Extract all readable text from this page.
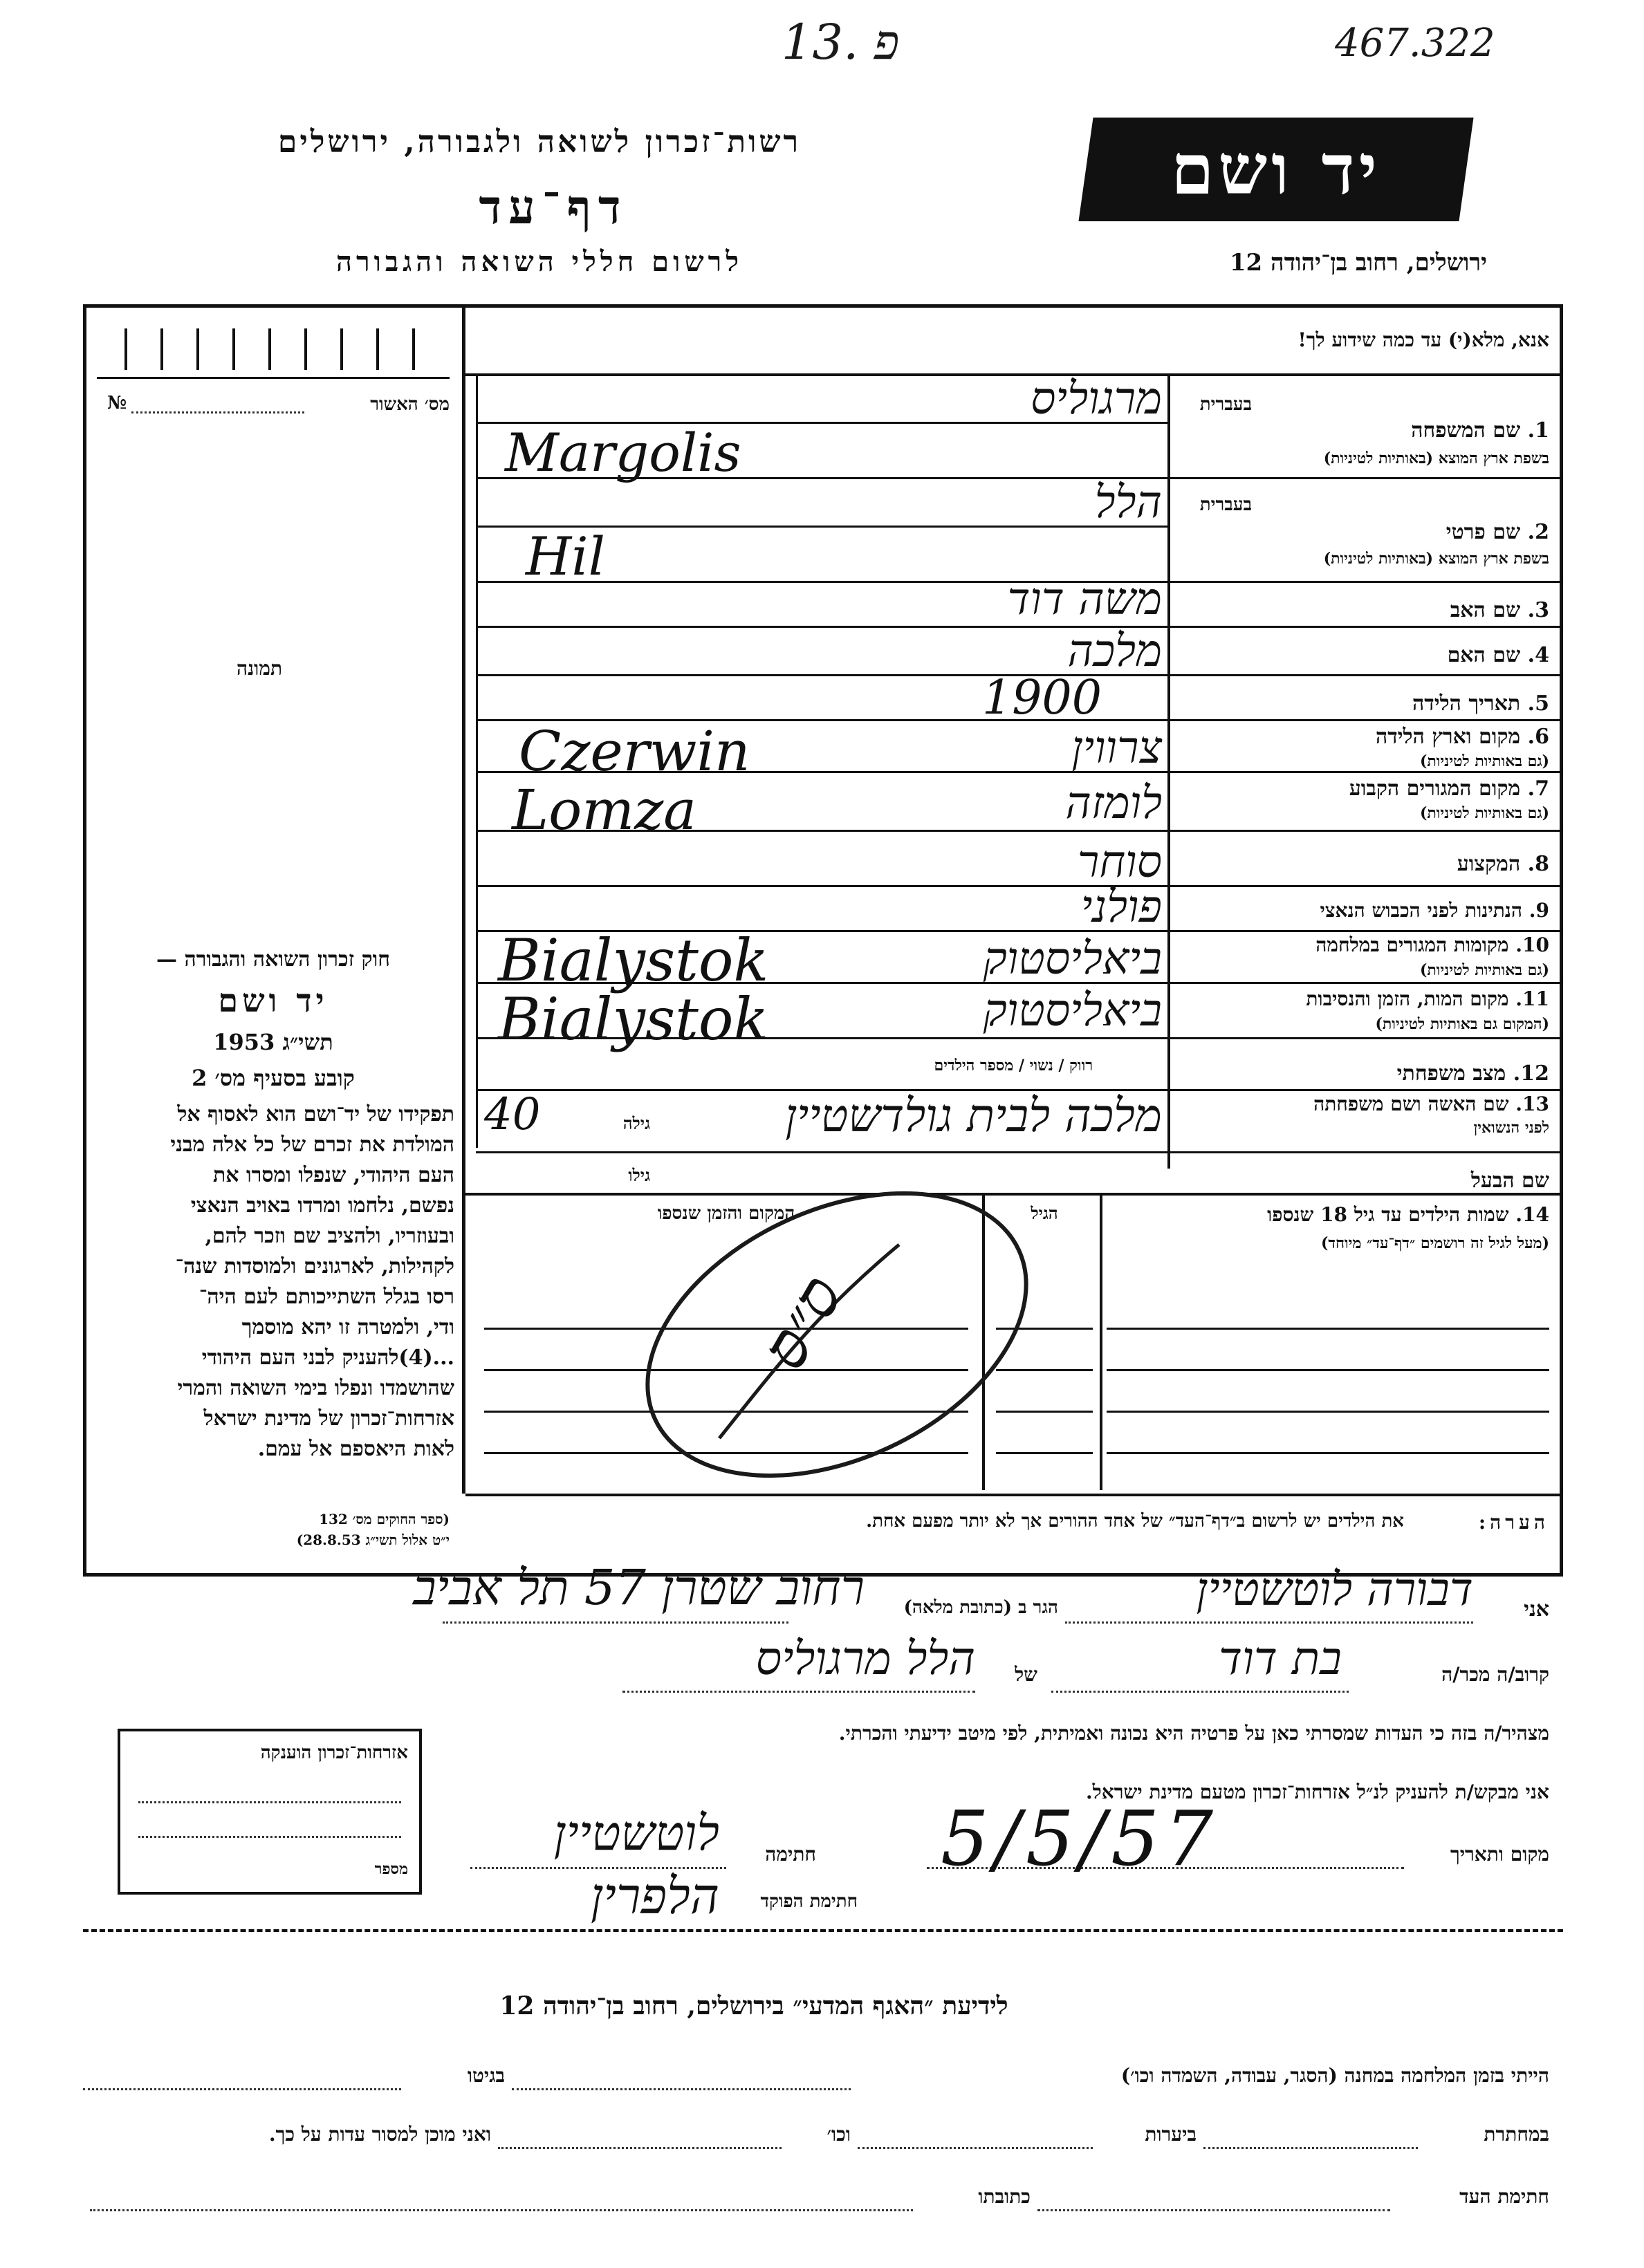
13. פ	467.322
רשות־זכרון לשואה ולגבורה, ירושלים
דף־עד
לרשום חללי השואה והגבורה
יד ושם
ירושלים, רחוב בן־יהודה 12
מס׳ האשור
№
תמונה
חוק זכרון השואה והגבורה —
יד ושם
תשי״ג 1953
קובע בסעיף מס׳ 2
תפקידו של יד־ושם הוא לאסוף אל
המולדת את זכרם של כל אלה מבני
העם היהודי, שנפלו ומסרו את
נפשם, נלחמו ומרדו באויב הנאצי
ובעוזריו, ולהציב שם וזכר להם,
לקהילות, לארגונים ולמוסדות שנה־
רסו בגלל השתייכותם לעם היה־
ודי, ולמטרה זו יהא מוסמך
...(4)להעניק לבני העם היהודי
שהושמדו ונפלו בימי השואה והמרי
אזרחות־זכרון של מדינת ישראל
לאות היאספם אל עמם.
(ספר החוקים מס׳ 132
י״ט אלול תשי״ג 28.8.53)
אנא, מלא(י) עד כמה שידוע לך!
בעברית
1. שם המשפחה
בשפת ארץ המוצא (באותיות לטיניות)
בעברית
2. שם פרטי
בשפת ארץ המוצא (באותיות לטיניות)
3. שם האב
4. שם האם
5. תאריך הלידה
6. מקום וארץ הלידה
(גם באותיות לטיניות)
7. מקום המגורים הקבוע
(גם באותיות לטיניות)
8. המקצוע
9. הנתינות לפני הכבוש הנאצי
10. מקומות המגורים במלחמה
(גם באותיות לטיניות)
11. מקום המות, הזמן והנסיבות
(המקום גם באותיות לטיניות)
12. מצב משפחתי
רווק / נשוי / מספר הילדים
13. שם האשה ושם משפחתה
לפני הנשואין
גילה
שם הבעל
גילו
14. שמות הילדים עד גיל 18 שנספו
(מעל לגיל זה רושמים ״דף־עד״ מיוחד)
הגיל
המקום והזמן שנספו
הערה:
את הילדים יש לרשום ב״דף־העד״ של אחד ההורים אך לא יותר מפעם אחת.
מרגוליס
Margolis
הלל
Hil
משה דוד
מלכה
1900
צרווין
Czerwin
לומזה
Lomza
סוחר
פולני
ביאליסטוק
Bialystok
ביאליסטוק
Bialystok
מלכה לבית גולדשטיין
40
ס״ס
אני
דבורה לוטשטיין
הגר ב (כתובת מלאה)
רחוב שטרן 57 תל אביב
קרוב/ה מכר/ה
בת דוד
של
הלל מרגוליס
מצהיר/ה בזה כי העדות שמסרתי כאן על פרטיה היא נכונה ואמיתית, לפי מיטב ידיעתי והכרתי.
אני מבקש/ת להעניק לנ״ל אזרחות־זכרון מטעם מדינת ישראל.
אזרחות־זכרון הוענקה
מספר
מקום ותאריך
5/5/57
חתימה
לוטשטיין
חתימת הפוקד
הלפרין
לידיעת ״האגף המדעי״ בירושלים, רחוב בן־יהודה 12
הייתי בזמן המלחמה במחנה (הסגר, עבודה, השמדה וכו׳)
בגיטו
במחתרת
ביערות
וכו׳
ואני מוכן למסור עדות על כך.
חתימת העד
כתובתו
